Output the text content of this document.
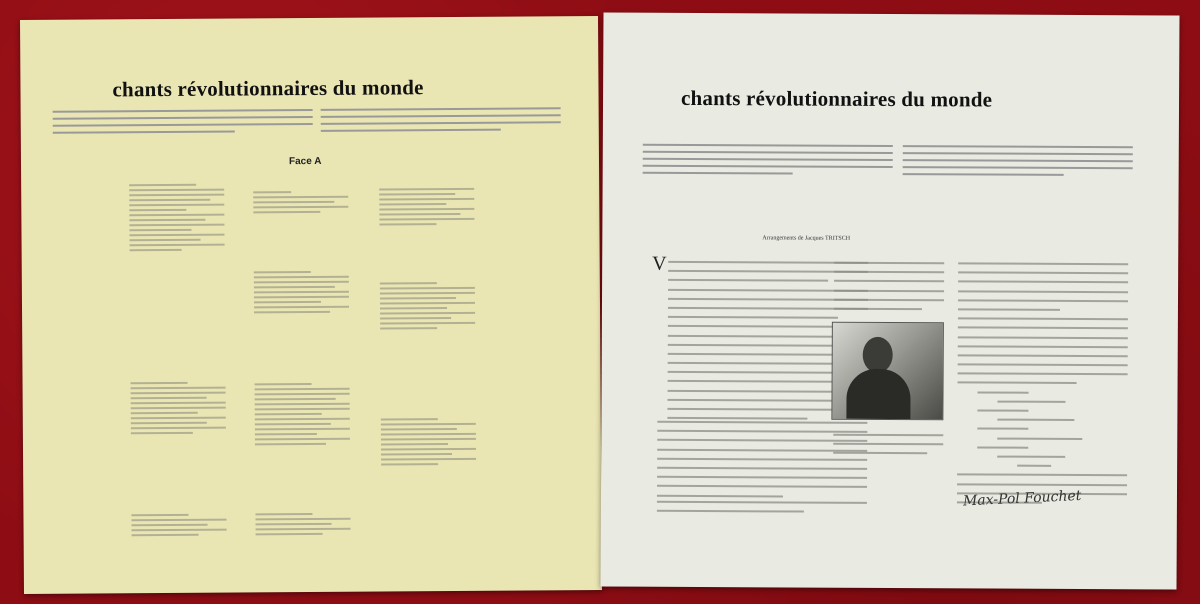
chants révolutionnaires du monde
Face A
chants révolutionnaires du monde
Arrangements de Jacques TRITSCH
V
Max-Pol Fouchet
